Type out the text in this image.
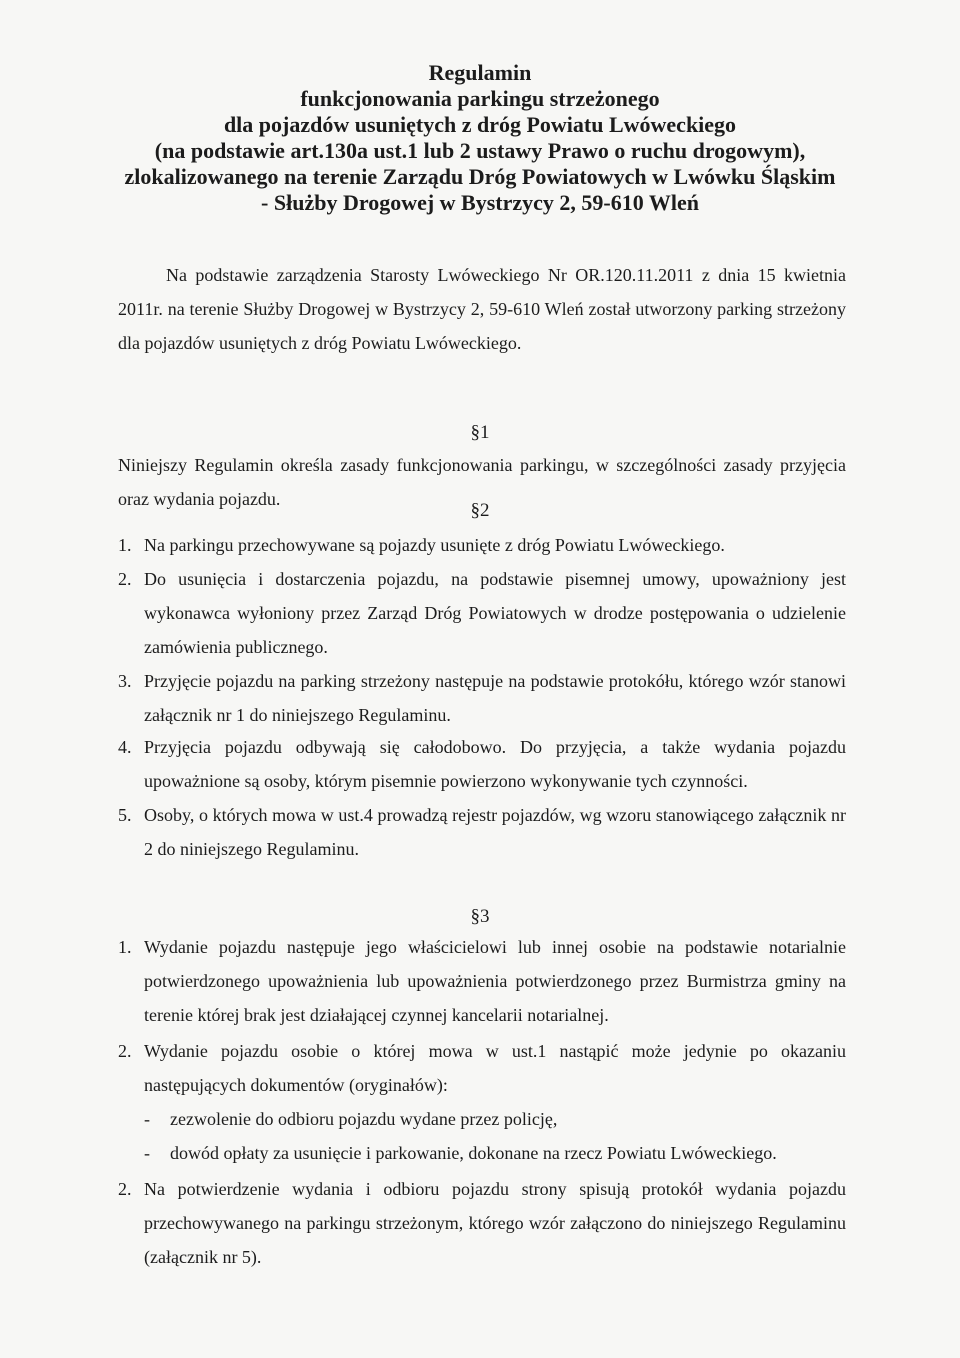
Regulamin
funkcjonowania parkingu strzeżonego
dla pojazdów usuniętych z dróg Powiatu Lwóweckiego
(na podstawie art.130a ust.1 lub 2 ustawy Prawo o ruchu drogowym),
zlokalizowanego na terenie Zarządu Dróg Powiatowych w Lwówku Śląskim
- Służby Drogowej w Bystrzycy 2, 59-610 Wleń
Na podstawie zarządzenia Starosty Lwóweckiego Nr OR.120.11.2011 z dnia 15 kwietnia 2011r. na terenie Służby Drogowej w Bystrzycy 2, 59-610 Wleń został utworzony parking strzeżony dla pojazdów usuniętych z dróg Powiatu Lwóweckiego.
§1
Niniejszy Regulamin określa zasady funkcjonowania parkingu, w szczególności zasady przyjęcia oraz wydania pojazdu.
§2
1. Na parkingu przechowywane są pojazdy usunięte z dróg Powiatu Lwóweckiego.
2. Do usunięcia i dostarczenia pojazdu, na podstawie pisemnej umowy, upoważniony jest wykonawca wyłoniony przez Zarząd Dróg Powiatowych w drodze postępowania o udzielenie zamówienia publicznego.
3. Przyjęcie pojazdu na parking strzeżony następuje na podstawie protokółu, którego wzór stanowi załącznik nr 1 do niniejszego Regulaminu.
4. Przyjęcia pojazdu odbywają się całodobowo. Do przyjęcia, a także wydania pojazdu upoważnione są osoby, którym pisemnie powierzono wykonywanie tych czynności.
5. Osoby, o których mowa w ust.4 prowadzą rejestr pojazdów, wg wzoru stanowiącego załącznik nr 2 do niniejszego Regulaminu.
§3
1. Wydanie pojazdu następuje jego właścicielowi lub innej osobie na podstawie notarialnie potwierdzonego upoważnienia lub upoważnienia potwierdzonego przez Burmistrza gminy na terenie której brak jest działającej czynnej kancelarii notarialnej.
2. Wydanie pojazdu osobie o której mowa w ust.1 nastąpić może jedynie po okazaniu następujących dokumentów (oryginałów):
- zezwolenie do odbioru pojazdu wydane przez policję,
- dowód opłaty za usunięcie i parkowanie, dokonane na rzecz Powiatu Lwóweckiego.
2. Na potwierdzenie wydania i odbioru pojazdu strony spisują protokół wydania pojazdu przechowywanego na parkingu strzeżonym, którego wzór załączono do niniejszego Regulaminu (załącznik nr 5).
